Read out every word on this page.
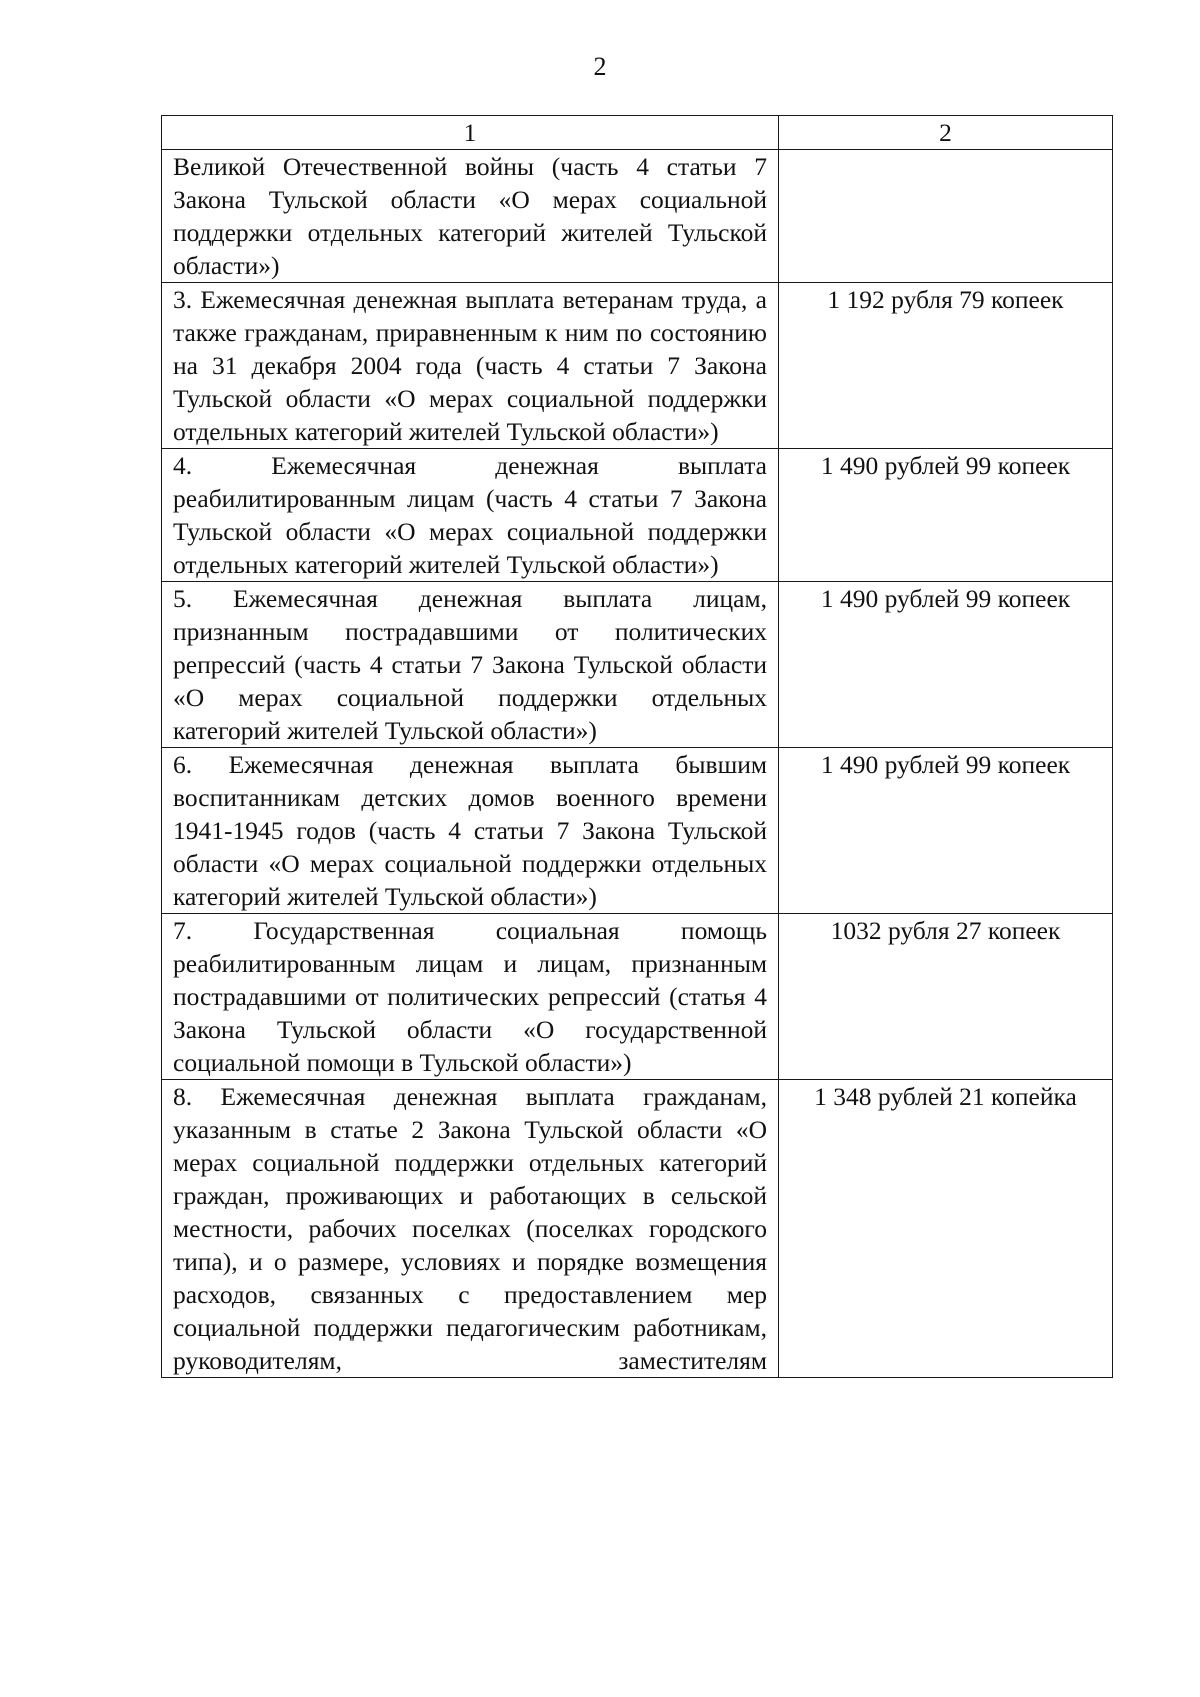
2
1	2
Великой Отечественной войны (часть 4 статьи 7 Закона Тульской области «О мерах социальной поддержки отдельных категорий жителей Тульской области»)	
3. Ежемесячная денежная выплата ветеранам труда, а также гражданам, приравненным к ним по состоянию на 31 декабря 2004 года (часть 4 статьи 7 Закона Тульской области «О мерах социальной поддержки отдельных категорий жителей Тульской области»)	1 192 рубля 79 копеек
4. Ежемесячная денежная выплата реабилитированным лицам (часть 4 статьи 7 Закона Тульской области «О мерах социальной поддержки отдельных категорий жителей Тульской области»)	1 490 рублей 99 копеек
5. Ежемесячная денежная выплата лицам, признанным пострадавшими от политических репрессий (часть 4 статьи 7 Закона Тульской области «О мерах социальной поддержки отдельных категорий жителей Тульской области»)	1 490 рублей 99 копеек
6. Ежемесячная денежная выплата бывшим воспитанникам детских домов военного времени 1941-1945 годов (часть 4 статьи 7 Закона Тульской области «О мерах социальной поддержки отдельных категорий жителей Тульской области»)	1 490 рублей 99 копеек
7. Государственная социальная помощь реабилитированным лицам и лицам, признанным пострадавшими от политических репрессий (статья 4 Закона Тульской области «О государственной социальной помощи в Тульской области»)	1032 рубля 27 копеек
8. Ежемесячная денежная выплата гражданам, указанным в статье 2 Закона Тульской области «О мерах социальной поддержки отдельных категорий граждан, проживающих и работающих в сельской местности, рабочих поселках (поселках городского типа), и о размере, условиях и порядке возмещения расходов, связанных с предоставлением мер социальной поддержки педагогическим работникам, руководителям, заместителям	1 348 рублей 21 копейка
